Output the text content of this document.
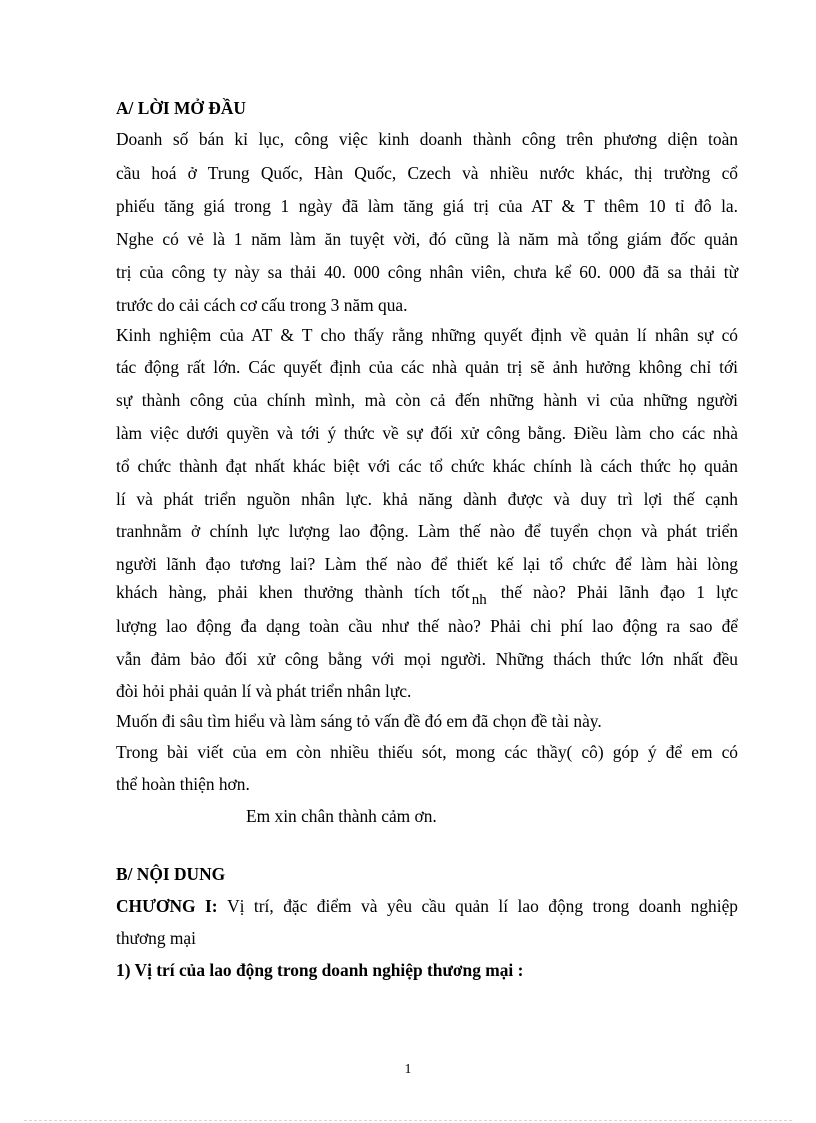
A/ LỜI MỞ ĐẦU
Doanh số bán kỉ lục, công việc kinh doanh thành công trên phương diện toàn
cầu hoá ở Trung Quốc, Hàn Quốc, Czech và nhiều nước khác, thị trường cổ
phiếu tăng giá trong 1 ngày đã làm tăng giá trị của AT & T thêm 10 tỉ đô la.
Nghe có vẻ là 1 năm làm ăn tuyệt vời, đó cũng là năm mà tổng giám đốc quản
trị của công ty này sa thải 40. 000 công nhân viên, chưa kể 60. 000 đã sa thải từ
trước do cải cách cơ cấu trong 3 năm qua.
Kinh nghiệm của AT & T cho thấy rằng những quyết định về quản lí nhân sự có
tác động rất lớn. Các quyết định của các nhà quản trị sẽ ảnh hưởng không chỉ tới
sự thành công của chính mình, mà còn cả đến những hành vi của những người
làm việc dưới quyền và tới ý thức về sự đối xử công bằng. Điều làm cho các nhà
tổ chức thành đạt nhất khác biệt với các tổ chức khác chính là cách thức họ quản
lí và phát triển nguồn nhân lực. khả năng dành được và duy trì lợi thế cạnh
tranhnằm ở chính lực lượng lao động. Làm thế nào để tuyển chọn và phát triển
người lãnh đạo tương lai? Làm thế nào để thiết kế lại tổ chức để làm hài lòng
khách hàng, phải khen thưởng thành tích tốt nh thế nào? Phải lãnh đạo 1 lực
lượng lao động đa dạng toàn cầu như thế nào? Phải chi phí lao động ra sao để
vẫn đảm bảo đối xử công bằng với mọi người. Những thách thức lớn nhất đều
đòi hỏi phải quản lí và phát triển nhân lực.
Muốn đi sâu tìm hiểu và làm sáng tỏ vấn đề đó em đã chọn đề tài này.
Trong bài viết của em còn nhiều thiếu sót, mong các thầy( cô) góp ý để em có
thể hoàn thiện hơn.
Em xin chân thành cảm ơn.
B/ NỘI DUNG
CHƯƠNG I: Vị trí, đặc điểm và yêu cầu quản lí lao động trong doanh nghiệp
thương mại
1) Vị trí của lao động trong doanh nghiệp thương mại :
1
